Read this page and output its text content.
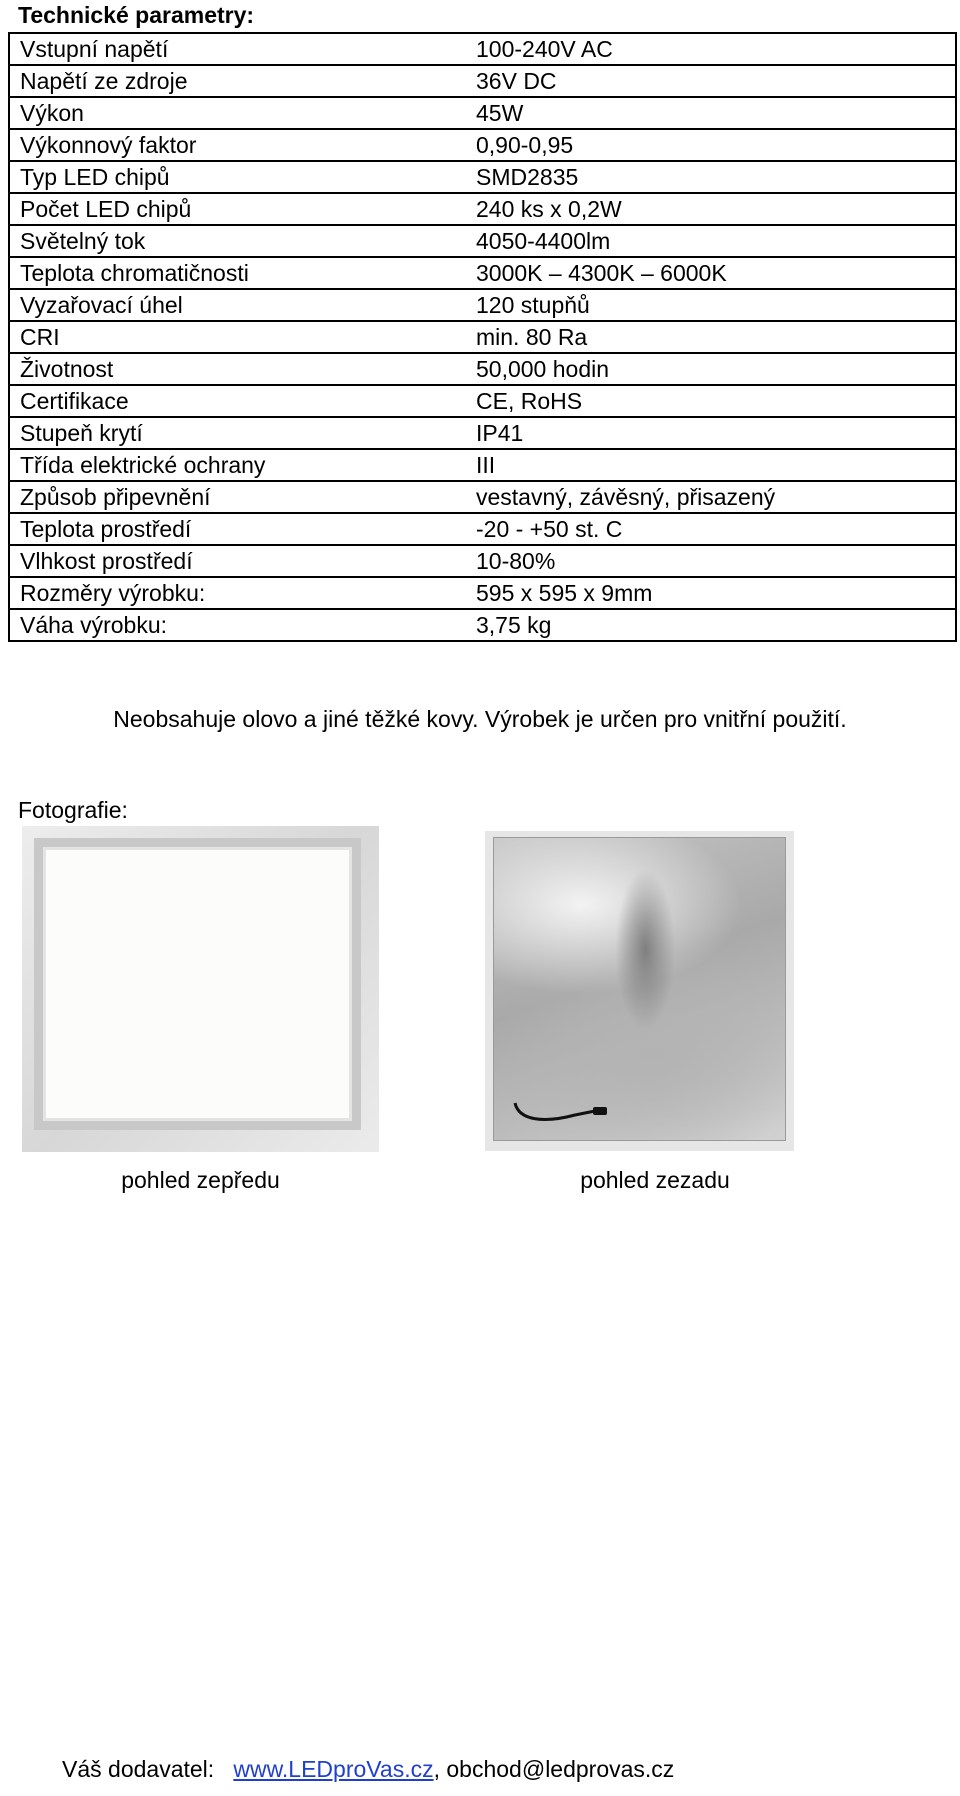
Technické parametry:
Vstupní napětí	100-240V AC
Napětí ze zdroje	36V DC
Výkon	45W
Výkonnový faktor	0,90-0,95
Typ LED chipů	SMD2835
Počet LED chipů	240 ks x 0,2W
Světelný tok	4050-4400lm
Teplota chromatičnosti	3000K – 4300K – 6000K
Vyzařovací úhel	120 stupňů
CRI	min. 80 Ra
Životnost	50,000 hodin
Certifikace	CE, RoHS
Stupeň krytí	IP41
Třída elektrické ochrany	III
Způsob připevnění	vestavný, závěsný, přisazený
Teplota prostředí	-20 - +50 st. C
Vlhkost prostředí	10-80%
Rozměry výrobku:	595 x 595 x 9mm
Váha výrobku:	3,75 kg
Neobsahuje olovo a jiné těžké kovy. Výrobek je určen pro vnitřní použití.
Fotografie:
pohled zepředu	pohled zezadu
Váš dodavatel: www.LEDproVas.cz, obchod@ledprovas.cz
